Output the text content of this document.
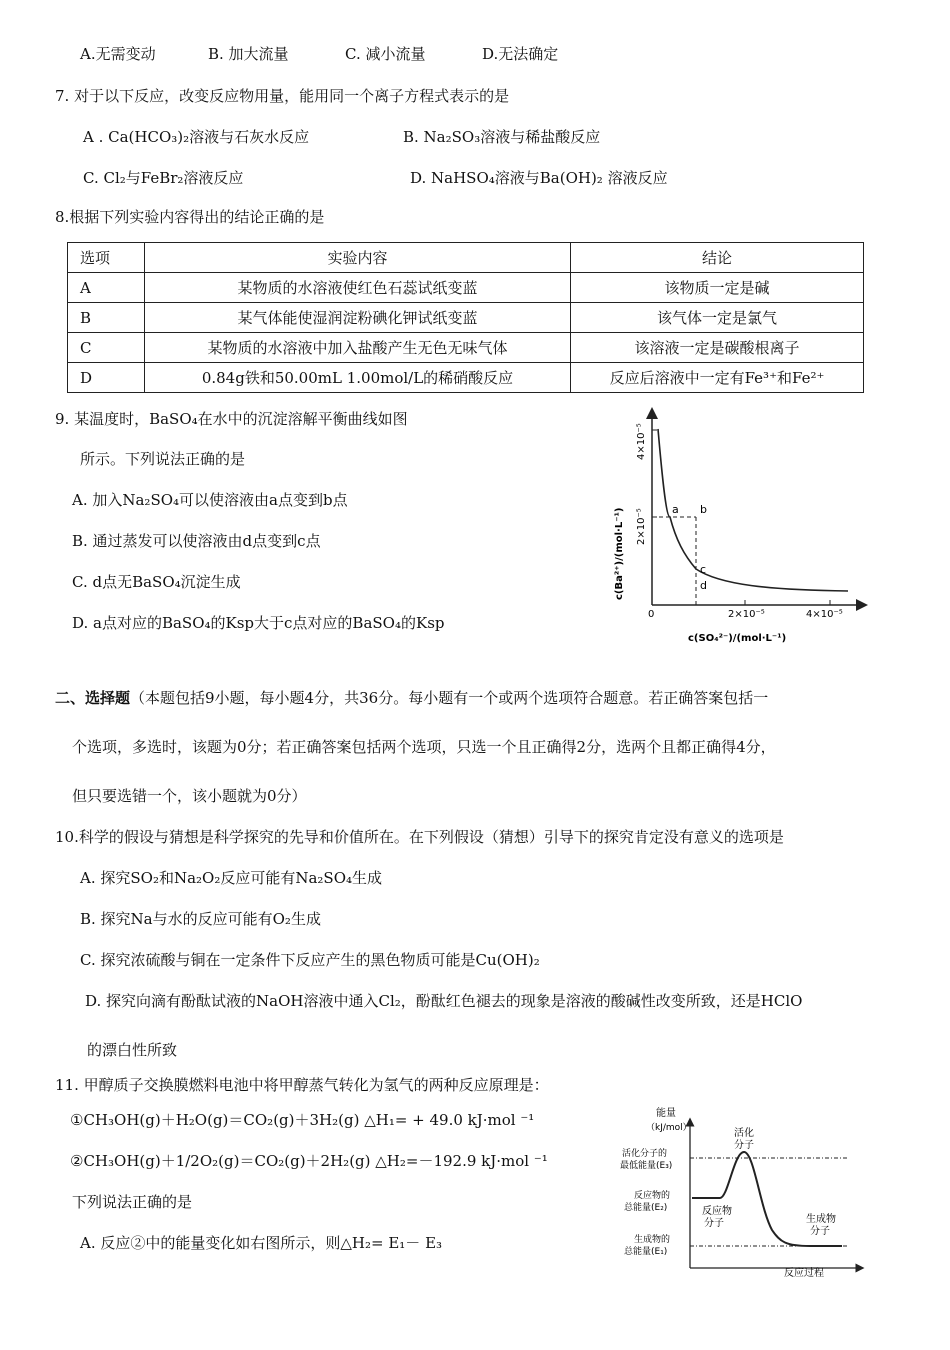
A.无需变动	B. 加大流量	C. 减小流量	D.无法确定
7. 对于以下反应，改变反应物用量，能用同一个离子方程式表示的是
A . Ca(HCO₃)₂溶液与石灰水反应	B. Na₂SO₃溶液与稀盐酸反应
C. Cl₂与FeBr₂溶液反应	D. NaHSO₄溶液与Ba(OH)₂ 溶液反应
8.根据下列实验内容得出的结论正确的是
选项	实验内容	结论
A	某物质的水溶液使红色石蕊试纸变蓝	该物质一定是碱
B	某气体能使湿润淀粉碘化钾试纸变蓝	该气体一定是氯气
C	某物质的水溶液中加入盐酸产生无色无味气体	该溶液一定是碳酸根离子
D	0.84g铁和50.00mL 1.00mol/L的稀硝酸反应	反应后溶液中一定有Fe³⁺和Fe²⁺
9. 某温度时，BaSO₄在水中的沉淀溶解平衡曲线如图
所示。下列说法正确的是
A. 加入Na₂SO₄可以使溶液由a点变到b点
B. 通过蒸发可以使溶液由d点变到c点
C. d点无BaSO₄沉淀生成
D. a点对应的BaSO₄的Ksp大于c点对应的BaSO₄的Ksp
a b
c
d
2×10⁻⁵
4×10⁻⁵
0	2×10⁻⁵	4×10⁻⁵
c(Ba²⁺)/(mol·L⁻¹)
c(SO₄²⁻)/(mol·L⁻¹)
二、选择题（本题包括9小题，每小题4分，共36分。每小题有一个或两个选项符合题意。若正确答案包括一
个选项，多选时，该题为0分；若正确答案包括两个选项，只选一个且正确得2分，选两个且都正确得4分，
但只要选错一个，该小题就为0分）
10.科学的假设与猜想是科学探究的先导和价值所在。在下列假设（猜想）引导下的探究肯定没有意义的选项是
A. 探究SO₂和Na₂O₂反应可能有Na₂SO₄生成
B. 探究Na与水的反应可能有O₂生成
C. 探究浓硫酸与铜在一定条件下反应产生的黑色物质可能是Cu(OH)₂
D. 探究向滴有酚酞试液的NaOH溶液中通入Cl₂，酚酞红色褪去的现象是溶液的酸碱性改变所致，还是HClO
的漂白性所致
11. 甲醇质子交换膜燃料电池中将甲醇蒸气转化为氢气的两种反应原理是：
①CH₃OH(g)＋H₂O(g)＝CO₂(g)＋3H₂(g) △H₁= + 49.0 kJ·mol ⁻¹
②CH₃OH(g)＋1/2O₂(g)＝CO₂(g)＋2H₂(g) △H₂=－192.9 kJ·mol ⁻¹
下列说法正确的是
A. 反应②中的能量变化如右图所示，则△H₂= E₁－ E₃
能量
（kJ/mol）	活化
分子
活化分子的
最低能量(E₃)
反应物的
总能量(E₂)	反应物
分子	生成物
分子
生成物的
总能量(E₁)
反应过程
